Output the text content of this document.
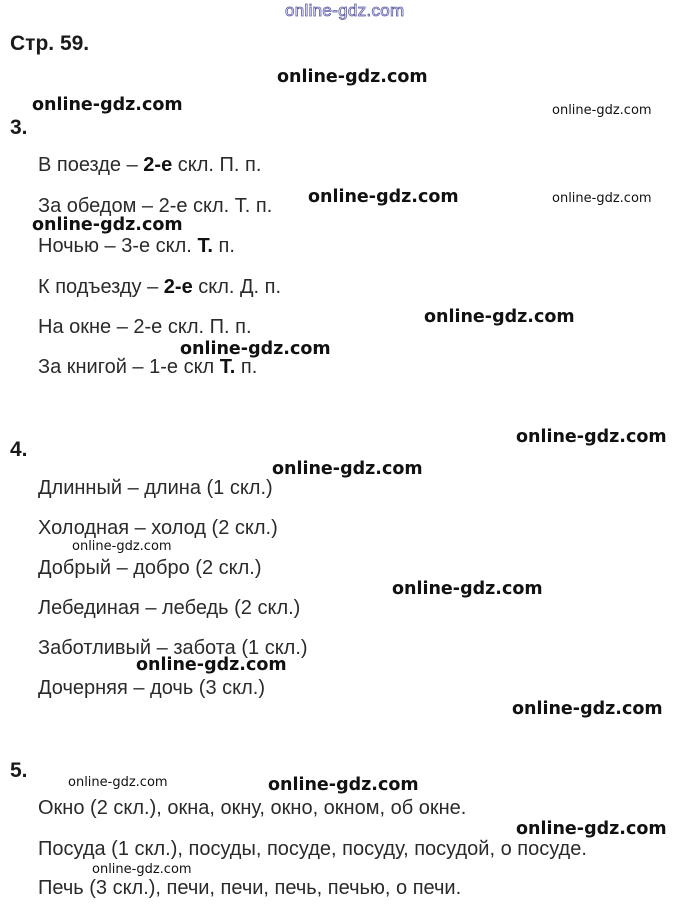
online-gdz.com
Стр. 59.
3.
В поезде – 2-е скл. П. п.
За обедом – 2-е скл. Т. п.
Ночью – 3-е скл. Т. п.
К подъезду – 2-е скл. Д. п.
На окне – 2-е скл. П. п.
За книгой – 1-е скл Т. п.
4.
Длинный – длина (1 скл.)
Холодная – холод (2 скл.)
Добрый – добро (2 скл.)
Лебединая – лебедь (2 скл.)
Заботливый – забота (1 скл.)
Дочерняя – дочь (3 скл.)
5.
Окно (2 скл.), окна, окну, окно, окном, об окне.
Посуда (1 скл.), посуды, посуде, посуду, посудой, о посуде.
Печь (3 скл.), печи, печи, печь, печью, о печи.
online-gdz.com
online-gdz.com	online-gdz.com
online-gdz.com	online-gdz.com
online-gdz.com
online-gdz.com
online-gdz.com
online-gdz.com
online-gdz.com
online-gdz.com
online-gdz.com
online-gdz.com
online-gdz.com
online-gdz.com	online-gdz.com
online-gdz.com
online-gdz.com
